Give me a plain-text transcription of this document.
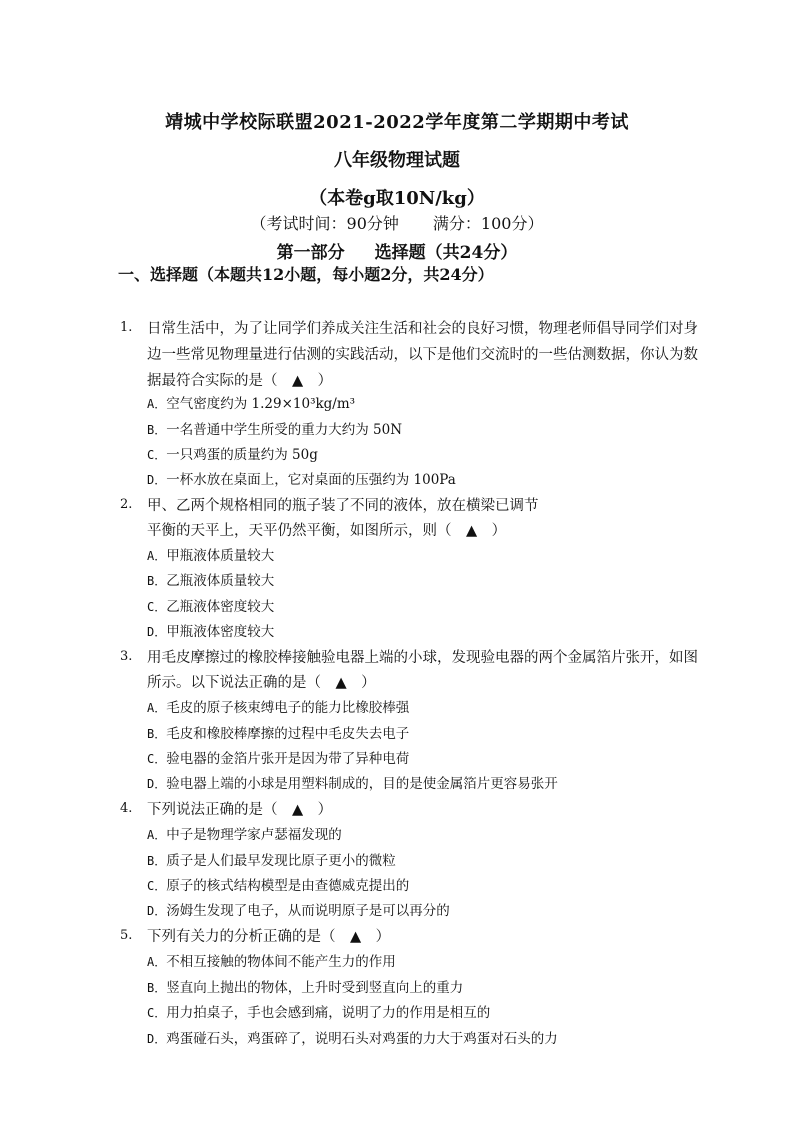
靖城中学校际联盟2021-2022学年度第二学期期中考试
八年级物理试题
（本卷g取10N/kg）
（考试时间：90分钟 满分：100分）
第一部分 选择题（共24分）
一、选择题（本题共12小题，每小题2分，共24分）
1. 日常生活中，为了让同学们养成关注生活和社会的良好习惯，物理老师倡导同学们对身
边一些常见物理量进行估测的实践活动，以下是他们交流时的一些估测数据，你认为数
据最符合实际的是（　▲　）
A．空气密度约为 1.29×10³kg/m³
B．一名普通中学生所受的重力大约为 50N
C．一只鸡蛋的质量约为 50g
D．一杯水放在桌面上，它对桌面的压强约为 100Pa
2. 甲、乙两个规格相同的瓶子装了不同的液体，放在横梁已调节
平衡的天平上，天平仍然平衡，如图所示，则（　▲　）
A．甲瓶液体质量较大
B．乙瓶液体质量较大
C．乙瓶液体密度较大
D．甲瓶液体密度较大
3. 用毛皮摩擦过的橡胶棒接触验电器上端的小球，发现验电器的两个金属箔片张开，如图
所示。以下说法正确的是（　▲　）
A．毛皮的原子核束缚电子的能力比橡胶棒强
B．毛皮和橡胶棒摩擦的过程中毛皮失去电子
C．验电器的金箔片张开是因为带了异种电荷
D．验电器上端的小球是用塑料制成的，目的是使金属箔片更容易张开
4. 下列说法正确的是（　▲　）
A．中子是物理学家卢瑟福发现的
B．质子是人们最早发现比原子更小的微粒
C．原子的核式结构模型是由查德威克提出的
D．汤姆生发现了电子，从而说明原子是可以再分的
5. 下列有关力的分析正确的是（　▲　）
A．不相互接触的物体间不能产生力的作用
B．竖直向上抛出的物体，上升时受到竖直向上的重力
C．用力拍桌子，手也会感到痛，说明了力的作用是相互的
D．鸡蛋碰石头，鸡蛋碎了，说明石头对鸡蛋的力大于鸡蛋对石头的力
